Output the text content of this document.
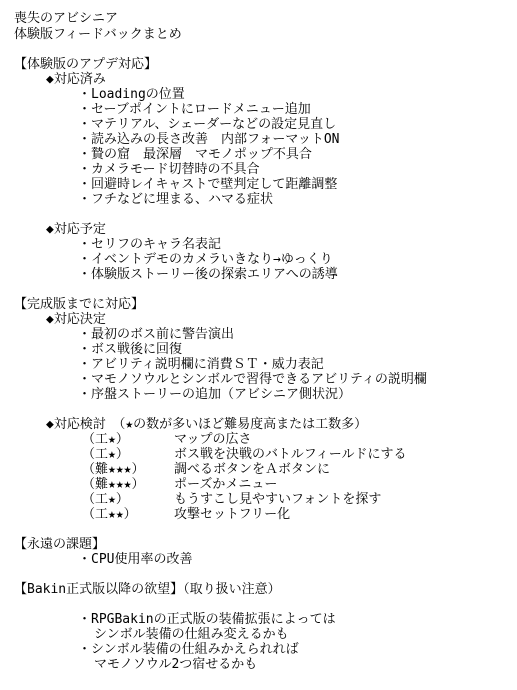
喪失のアビシニア
体験版フィードバックまとめ
【体験版のアプデ対応】
◆対応済み
・Loadingの位置
・セーブポイントにロードメニュー追加
・マテリアル、シェーダーなどの設定見直し
・読み込みの長さ改善　内部フォーマットON
・贄の窟　最深層　マモノポップ不具合
・カメラモード切替時の不具合
・回避時レイキャストで壁判定して距離調整
・フチなどに埋まる、ハマる症状
◆対応予定
・セリフのキャラ名表記
・イベントデモのカメラいきなり→ゆっくり
・体験版ストーリー後の探索エリアへの誘導
【完成版までに対応】
◆対応決定
・最初のボス前に警告演出
・ボス戦後に回復
・アビリティ説明欄に消費ＳＴ・威力表記
・マモノソウルとシンボルで習得できるアビリティの説明欄
・序盤ストーリーの追加（アビシニア側状況）
◆対応検討　（★の数が多いほど難易度高または工数多）
（工★）	マップの広さ
（工★）	ボス戦を決戦のバトルフィールドにする
（難★★★） 調べるボタンをＡボタンに
（難★★★） ポーズかメニュー
（工★）	もうすこし見やすいフォントを探す
（工★★）	攻撃セットフリー化
【永遠の課題】
・CPU使用率の改善
【Bakin正式版以降の欲望】（取り扱い注意）
・RPGBakinの正式版の装備拡張によっては
シンボル装備の仕組み変えるかも
・シンボル装備の仕組みかえられれば
マモノソウル2つ宿せるかも
